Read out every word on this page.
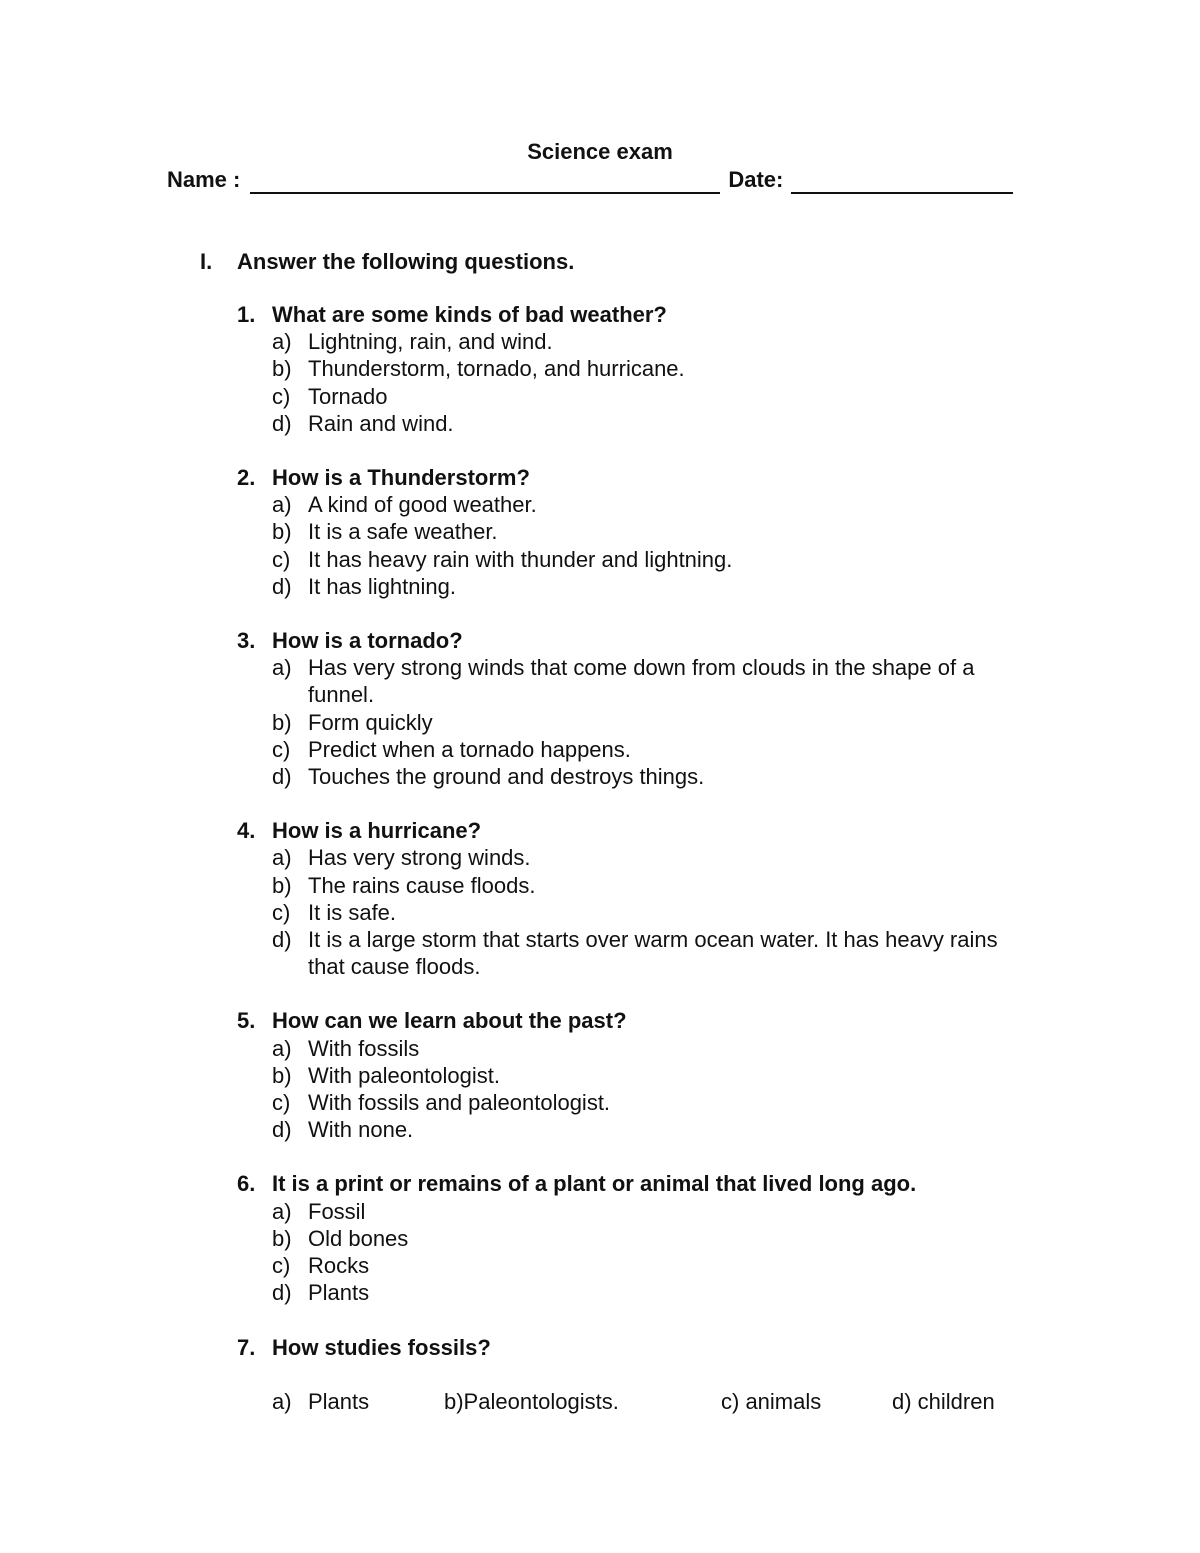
Science exam
Name :	Date:
I.	Answer the following questions.
1. What are some kinds of bad weather?
a) Lightning, rain, and wind.
b) Thunderstorm, tornado, and hurricane.
c) Tornado
d) Rain and wind.
2. How is a Thunderstorm?
a) A kind of good weather.
b) It is a safe weather.
c) It has heavy rain with thunder and lightning.
d) It has lightning.
3. How is a tornado?
a) Has very strong winds that come down from clouds in the shape of a funnel.
b) Form quickly
c) Predict when a tornado happens.
d) Touches the ground and destroys things.
4. How is a hurricane?
a) Has very strong winds.
b) The rains cause floods.
c) It is safe.
d) It is a large storm that starts over warm ocean water. It has heavy rains that cause floods.
5. How can we learn about the past?
a) With fossils
b) With paleontologist.
c) With fossils and paleontologist.
d) With none.
6. It is a print or remains of a plant or animal that lived long ago.
a) Fossil
b) Old bones
c) Rocks
d) Plants
7. How studies fossils?
a) Plants	b)Paleontologists.	c) animals	d) children
